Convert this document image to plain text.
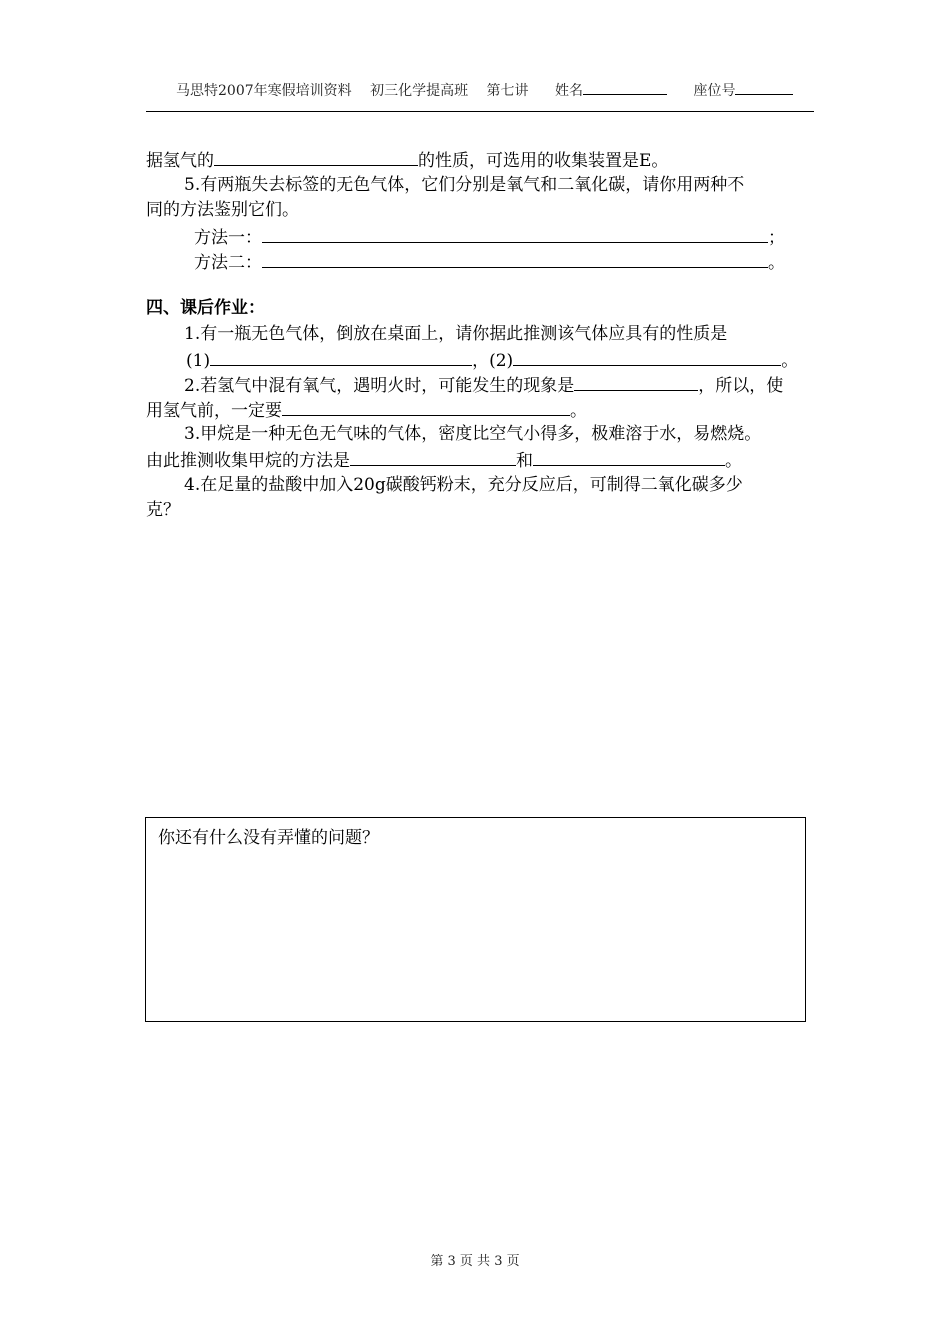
马思特2007年寒假培训资料 初三化学提高班 第七讲 姓名	座位号
据氢气的	的性质，可选用的收集装置是E。
5.有两瓶失去标签的无色气体，它们分别是氧气和二氧化碳，请你用两种不
同的方法鉴别它们。
方法一：	；
方法二：	。
四、课后作业：
1.有一瓶无色气体，倒放在桌面上，请你据此推测该气体应具有的性质是
(1)	，(2)	。
2.若氢气中混有氧气，遇明火时，可能发生的现象是	，所以，使
用氢气前，一定要	。
3.甲烷是一种无色无气味的气体，密度比空气小得多，极难溶于水，易燃烧。
由此推测收集甲烷的方法是	和	。
4.在足量的盐酸中加入20g碳酸钙粉末，充分反应后，可制得二氧化碳多少
克？
你还有什么没有弄懂的问题？
第 3 页 共 3 页
